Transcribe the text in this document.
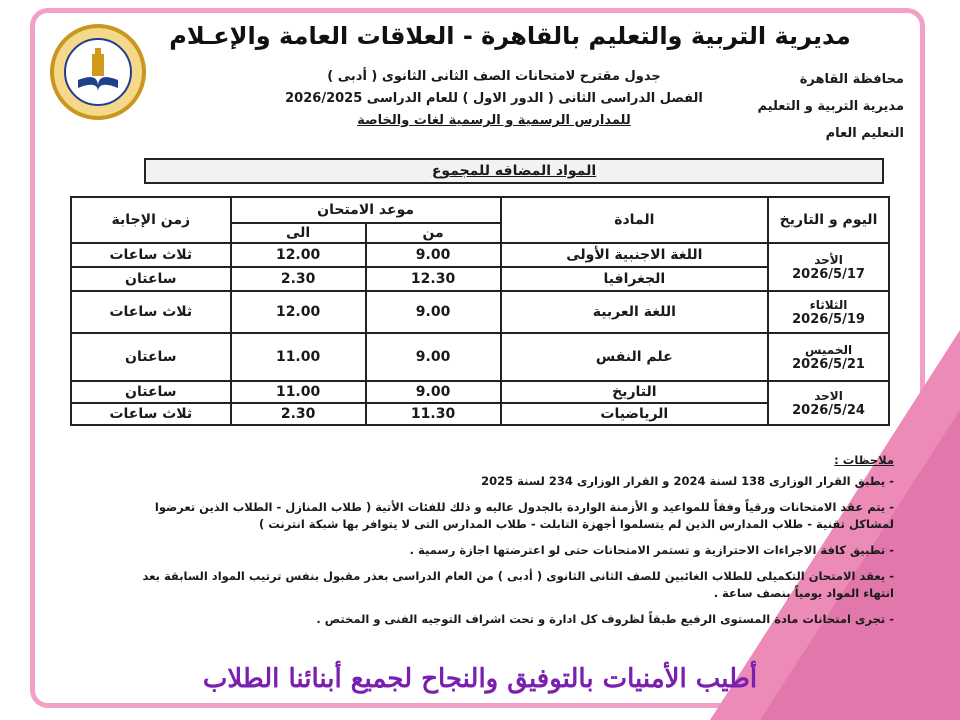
مديرية التربية والتعليم بالقاهرة - العلاقات العامة والإعـلام
محافظة القاهرة
مديرية التربية و التعليم
التعليم العام
جدول مقترح لامتحانات الصف الثانى الثانوى ( أدبى )
الفصل الدراسى الثانى ( الدور الاول ) للعام الدراسى 2026/2025
للمدارس الرسمية و الرسمية لغات والخاصة
المواد المضافه للمجموع
اليوم و التاريخ	المادة	موعد الامتحان		زمن الإجابة
		من	الى	

الأحد
2026/5/17	اللغة الاجنبية الأولى	9.00	12.00	ثلاث ساعات
	الجغرافيا	12.30	2.30	ساعتان

الثلاثاء
2026/5/19	اللغة العربية	9.00	12.00	ثلاث ساعات

الخميس
2026/5/21	علم النفس	9.00	11.00	ساعتان

الاحد
2026/5/24	التاريخ	9.00	11.00	ساعتان
	الرياضيات	11.30	2.30	ثلاث ساعات
ملاحظات :
- يطبق القرار الوزارى 138 لسنة 2024 و القرار الوزارى 234 لسنة 2025
- يتم عقد الامتحانات ورقياً وفقاً للمواعيد و الأزمنة الواردة بالجدول عاليه و ذلك للفئات الأتية ( طلاب المنازل - الطلاب الذين تعرضوا لمشاكل تقنية - طلاب المدارس الذين لم يتسلموا أجهزة التابلت - طلاب المدارس التى لا يتوافر بها شبكة انترنت )
- تطبيق كافة الاجراءات الاحترازية و تستمر الامتحانات حتى لو اعترضتها اجازة رسمية .
- يعقد الامتحان التكميلى للطلاب الغائبين للصف الثانى الثانوى ( أدبى ) من العام الدراسى بعذر مقبول بنفس ترتيب المواد السابقة بعد انتهاء المواد يومياً بنصف ساعة .
- تجرى امتحانات مادة المستوى الرفيع طبقاً لظروف كل ادارة و تحت اشراف التوجيه الفنى و المختص .
أطيب الأمنيات بالتوفيق والنجاح لجميع أبنائنا الطلاب
